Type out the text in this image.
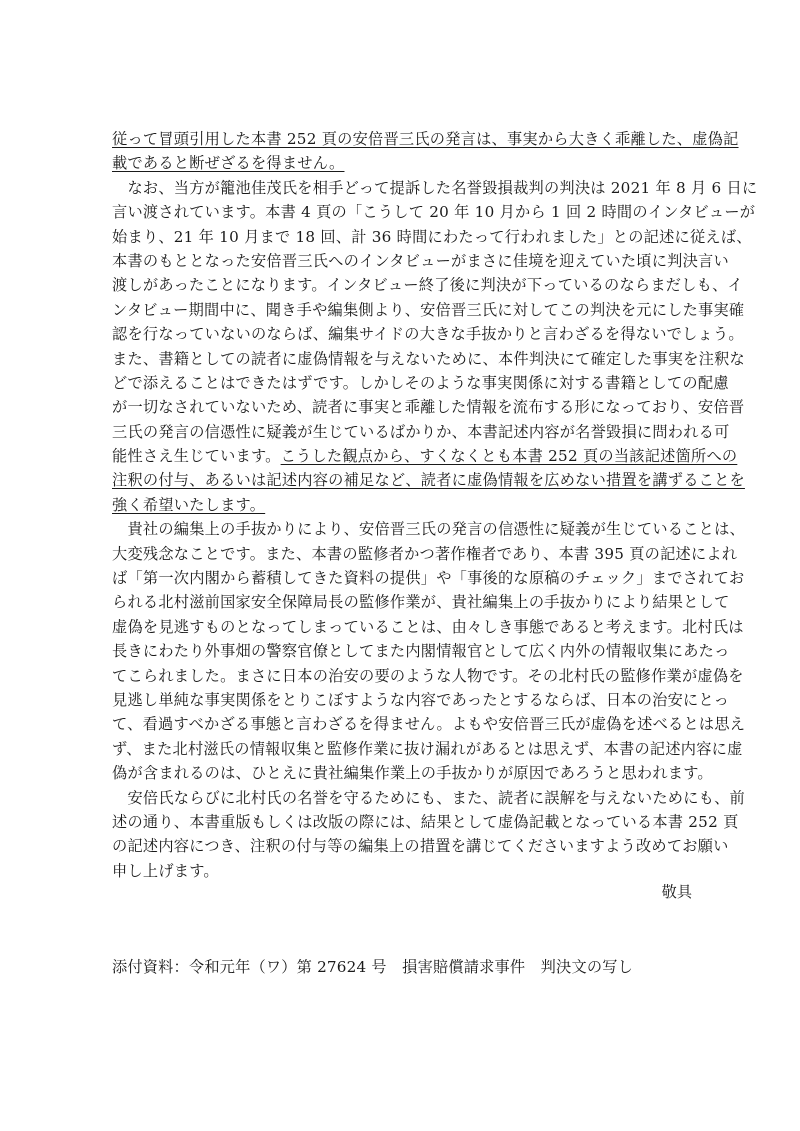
従って冒頭引用した本書 252 頁の安倍晋三氏の発言は、事実から大きく乖離した、虚偽記
載であると断ぜざるを得ません。
　なお、当方が籠池佳茂氏を相手どって提訴した名誉毀損裁判の判決は 2021 年 8 月 6 日に
言い渡されています。本書 4 頁の「こうして 20 年 10 月から 1 回 2 時間のインタビューが
始まり、21 年 10 月まで 18 回、計 36 時間にわたって行われました」との記述に従えば、
本書のもととなった安倍晋三氏へのインタビューがまさに佳境を迎えていた頃に判決言い
渡しがあったことになります。インタビュー終了後に判決が下っているのならまだしも、イ
ンタビュー期間中に、聞き手や編集側より、安倍晋三氏に対してこの判決を元にした事実確
認を行なっていないのならば、編集サイドの大きな手抜かりと言わざるを得ないでしょう。
また、書籍としての読者に虚偽情報を与えないために、本件判決にて確定した事実を注釈な
どで添えることはできたはずです。しかしそのような事実関係に対する書籍としての配慮
が一切なされていないため、読者に事実と乖離した情報を流布する形になっており、安倍晋
三氏の発言の信憑性に疑義が生じているばかりか、本書記述内容が名誉毀損に問われる可
能性さえ生じています。こうした観点から、すくなくとも本書 252 頁の当該記述箇所への
注釈の付与、あるいは記述内容の補足など、読者に虚偽情報を広めない措置を講ずることを
強く希望いたします。
　貴社の編集上の手抜かりにより、安倍晋三氏の発言の信憑性に疑義が生じていることは、
大変残念なことです。また、本書の監修者かつ著作権者であり、本書 395 頁の記述によれ
ば「第一次内閣から蓄積してきた資料の提供」や「事後的な原稿のチェック」までされてお
られる北村滋前国家安全保障局長の監修作業が、貴社編集上の手抜かりにより結果として
虚偽を見逃すものとなってしまっていることは、由々しき事態であると考えます。北村氏は
長きにわたり外事畑の警察官僚としてまた内閣情報官として広く内外の情報収集にあたっ
てこられました。まさに日本の治安の要のような人物です。その北村氏の監修作業が虚偽を
見逃し単純な事実関係をとりこぼすような内容であったとするならば、日本の治安にとっ
て、看過すべかざる事態と言わざるを得ません。よもや安倍晋三氏が虚偽を述べるとは思え
ず、また北村滋氏の情報収集と監修作業に抜け漏れがあるとは思えず、本書の記述内容に虚
偽が含まれるのは、ひとえに貴社編集作業上の手抜かりが原因であろうと思われます。
　安倍氏ならびに北村氏の名誉を守るためにも、また、読者に誤解を与えないためにも、前
述の通り、本書重版もしくは改版の際には、結果として虚偽記載となっている本書 252 頁
の記述内容につき、注釈の付与等の編集上の措置を講じてくださいますよう改めてお願い
申し上げます。
敬具
添付資料：令和元年（ワ）第 27624 号　損害賠償請求事件　判決文の写し
